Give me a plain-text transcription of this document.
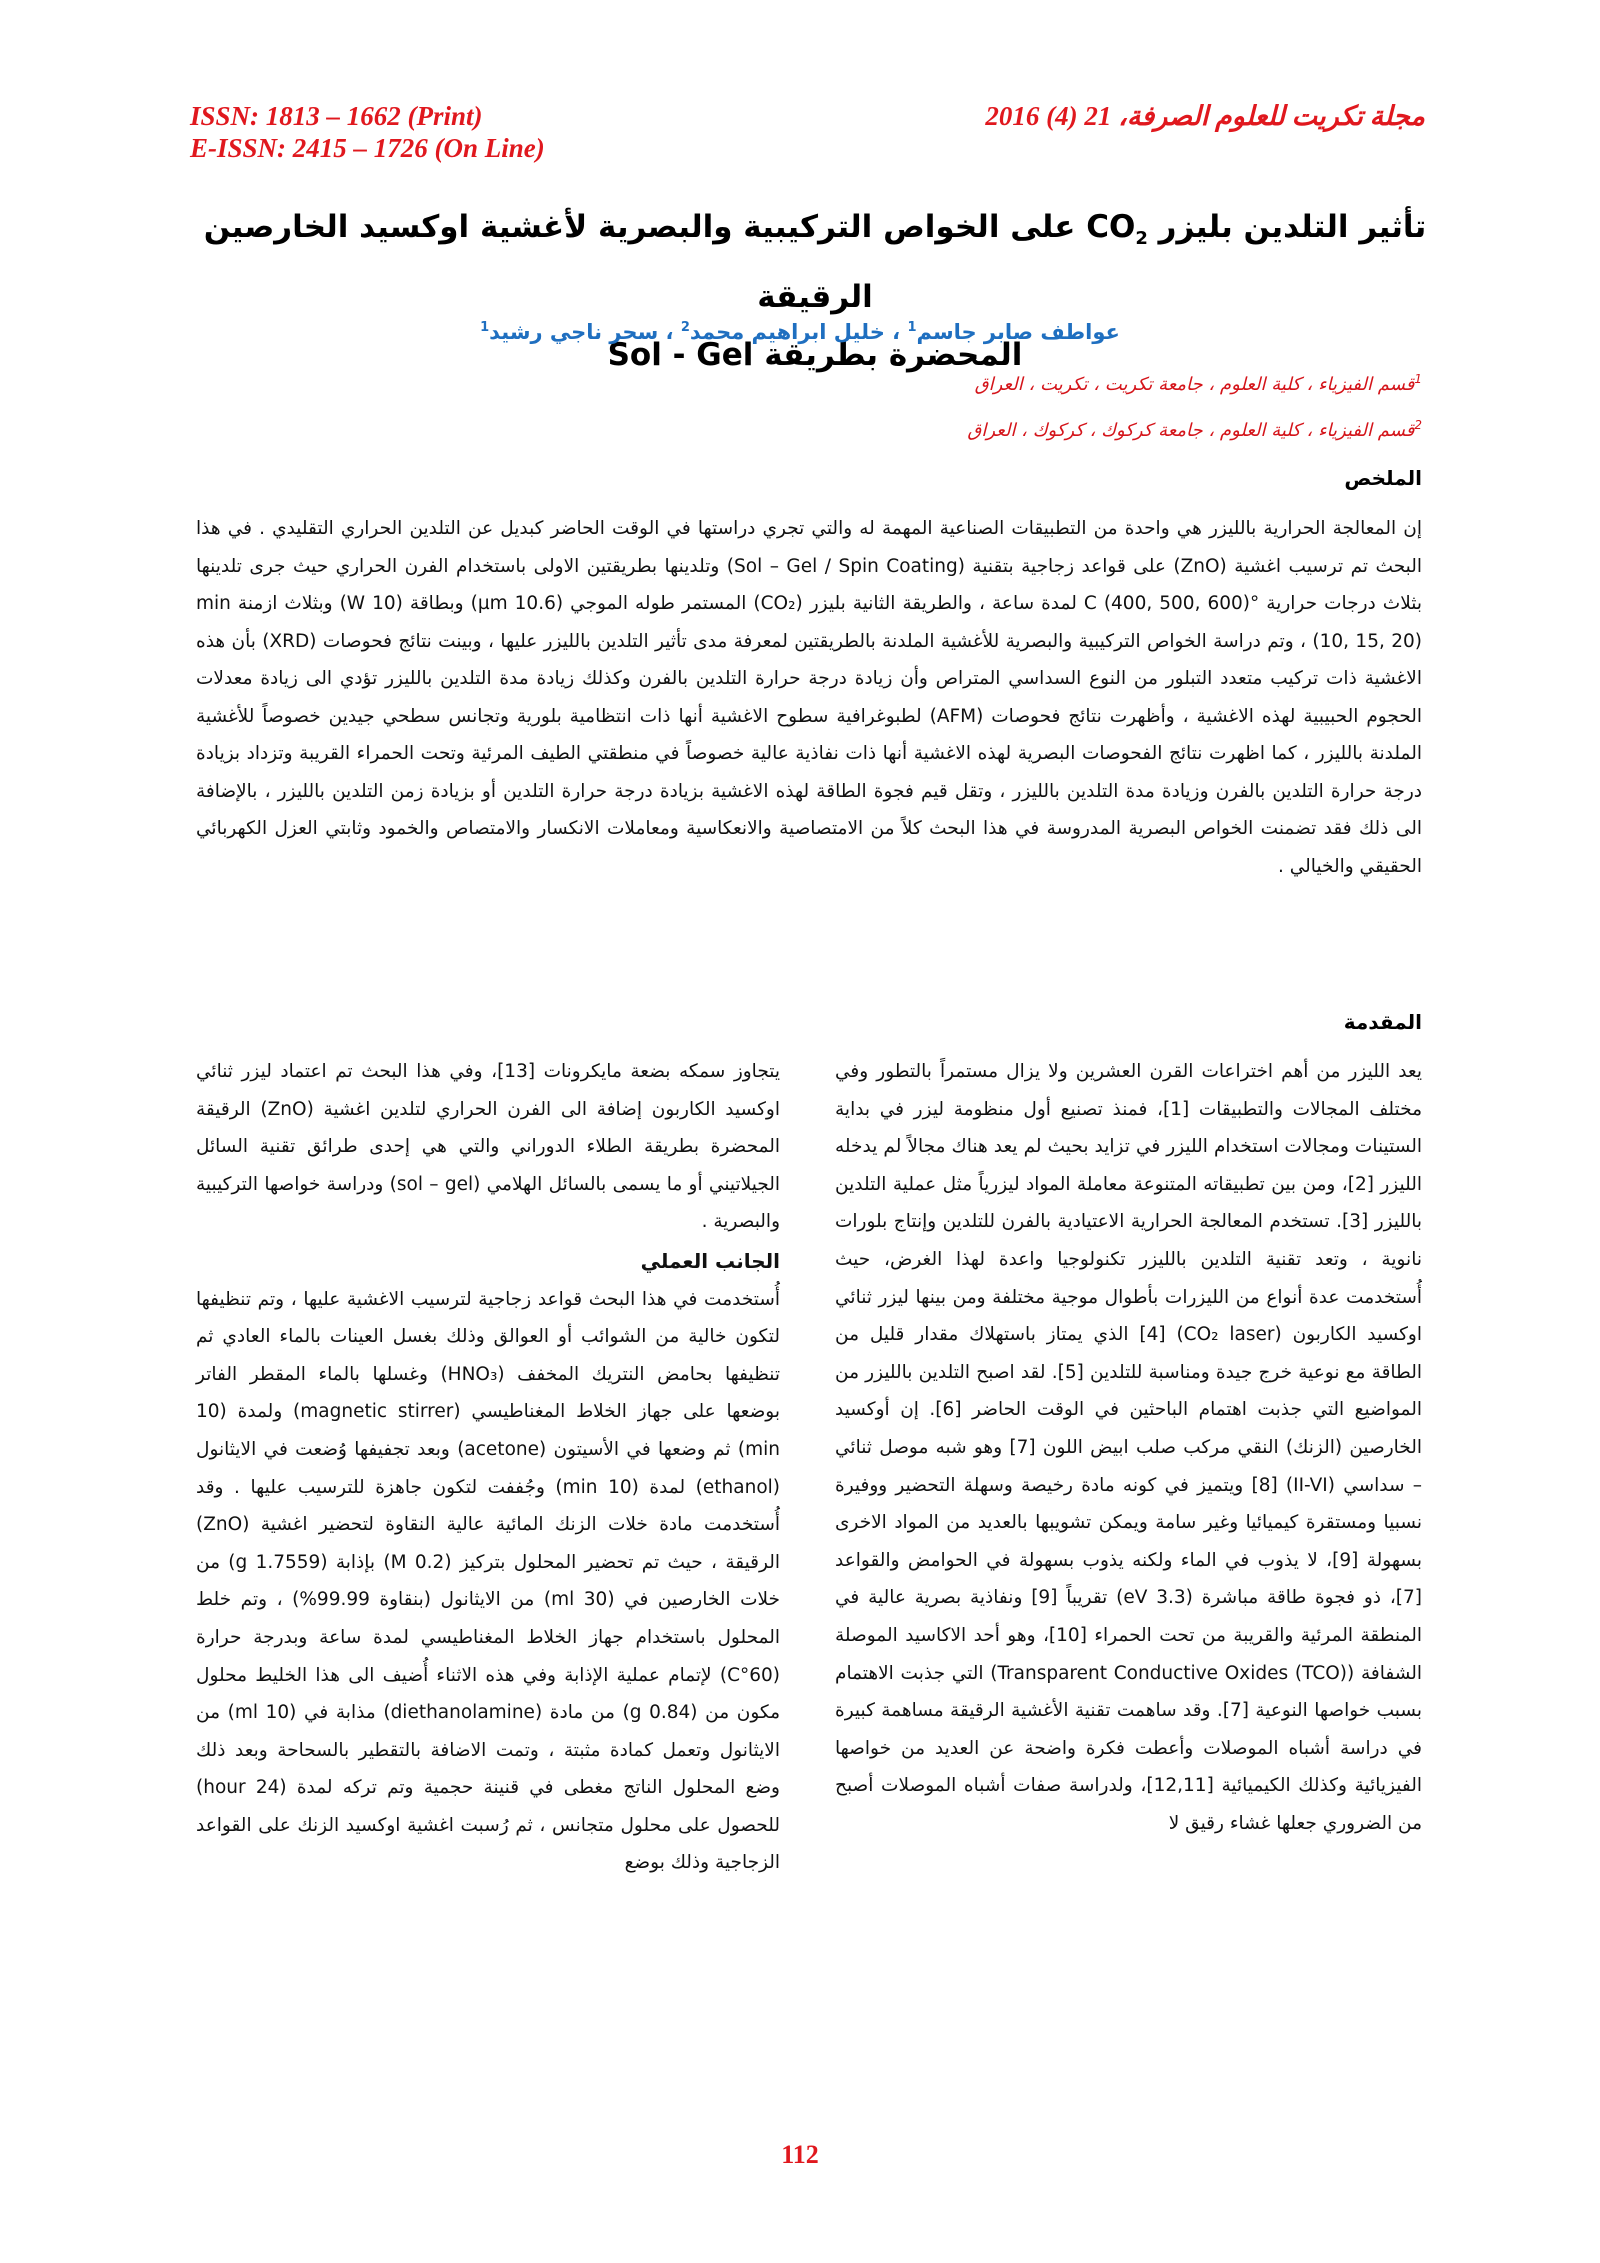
ISSN: 1813 – 1662 (Print)
E-ISSN: 2415 – 1726 (On Line)
مجلة تكريت للعلوم الصرفة، 21 (4) 2016
تأثير التلدين بليزر $CO_2$ على الخواص التركيبية والبصرية لأغشية اوكسيد الخارصين الرقيقة
المحضرة بطريقة Sol - Gel
عواطف صابر جاسم$^1$ ، خليل ابراهيم محمد$^2$ ، سحر ناجي رشيد$^1$
$^1$قسم الفيزياء ، كلية العلوم ، جامعة تكريت ، تكريت ، العراق
$^2$قسم الفيزياء ، كلية العلوم ، جامعة كركوك ، كركوك ، العراق
الملخص
إن المعالجة الحرارية بالليزر هي واحدة من التطبيقات الصناعية المهمة له والتي تجري دراستها في الوقت الحاضر كبديل عن التلدين الحراري التقليدي . في هذا البحث تم ترسيب اغشية (ZnO) على قواعد زجاجية بتقنية (Sol – Gel / Spin Coating) وتلدينها بطريقتين الاولى باستخدام الفرن الحراري حيث جرى تلدينها بثلاث درجات حرارية °C (400, 500, 600) لمدة ساعة ، والطريقة الثانية بليزر (CO₂) المستمر طوله الموجي (10.6 µm) وبطاقة (10 W) وبثلاث ازمنة min (10, 15, 20) ، وتم دراسة الخواص التركيبية والبصرية للأغشية الملدنة بالطريقتين لمعرفة مدى تأثير التلدين بالليزر عليها ، وبينت نتائج فحوصات (XRD) بأن هذه الاغشية ذات تركيب متعدد التبلور من النوع السداسي المتراص وأن زيادة درجة حرارة التلدين بالفرن وكذلك زيادة مدة التلدين بالليزر تؤدي الى زيادة معدلات الحجوم الحبيبية لهذه الاغشية ، وأظهرت نتائج فحوصات (AFM) لطبوغرافية سطوح الاغشية أنها ذات انتظامية بلورية وتجانس سطحي جيدين خصوصاً للأغشية الملدنة بالليزر ، كما اظهرت نتائج الفحوصات البصرية لهذه الاغشية أنها ذات نفاذية عالية خصوصاً في منطقتي الطيف المرئية وتحت الحمراء القريبة وتزداد بزيادة درجة حرارة التلدين بالفرن وزيادة مدة التلدين بالليزر ، وتقل قيم فجوة الطاقة لهذه الاغشية بزيادة درجة حرارة التلدين أو بزيادة زمن التلدين بالليزر ، بالإضافة الى ذلك فقد تضمنت الخواص البصرية المدروسة في هذا البحث كلاً من الامتصاصية والانعكاسية ومعاملات الانكسار والامتصاص والخمود وثابتي العزل الكهربائي الحقيقي والخيالي .
المقدمة
يعد الليزر من أهم اختراعات القرن العشرين ولا يزال مستمراً بالتطور وفي مختلف المجالات والتطبيقات [1]، فمنذ تصنيع أول منظومة ليزر في بداية الستينات ومجالات استخدام الليزر في تزايد بحيث لم يعد هناك مجالاً لم يدخله الليزر [2]، ومن بين تطبيقاته المتنوعة معاملة المواد ليزرياً مثل عملية التلدين بالليزر [3]. تستخدم المعالجة الحرارية الاعتيادية بالفرن للتلدين وإنتاج بلورات نانوية ، وتعد تقنية التلدين بالليزر تكنولوجيا واعدة لهذا الغرض، حيث أُستخدمت عدة أنواع من الليزرات بأطوال موجية مختلفة ومن بينها ليزر ثنائي اوكسيد الكاربون (CO₂ laser) [4] الذي يمتاز باستهلاك مقدار قليل من الطاقة مع نوعية خرج جيدة ومناسبة للتلدين [5]. لقد اصبح التلدين بالليزر من المواضيع التي جذبت اهتمام الباحثين في الوقت الحاضر [6]. إن أوكسيد الخارصين (الزنك) النقي مركب صلب ابيض اللون [7] وهو شبه موصل ثنائي – سداسي (II-VI) [8] ويتميز في كونه مادة رخيصة وسهلة التحضير ووفيرة نسبيا ومستقرة كيميائيا وغير سامة ويمكن تشويبها بالعديد من المواد الاخرى بسهولة [9]، لا يذوب في الماء ولكنه يذوب بسهولة في الحوامض والقواعد [7]، ذو فجوة طاقة مباشرة (3.3 eV) تقريباً [9] ونفاذية بصرية عالية في المنطقة المرئية والقريبة من تحت الحمراء [10]، وهو أحد الاكاسيد الموصلة الشفافة (Transparent Conductive Oxides (TCO)) التي جذبت الاهتمام بسبب خواصها النوعية [7]. وقد ساهمت تقنية الأغشية الرقيقة مساهمة كبيرة في دراسة أشباه الموصلات وأعطت فكرة واضحة عن العديد من خواصها الفيزيائية وكذلك الكيميائية [12,11]، ولدراسة صفات أشباه الموصلات أصبح من الضروري جعلها غشاء رقيق لا

يتجاوز سمكه بضعة مايكرونات [13]، وفي هذا البحث تم اعتماد ليزر ثنائي اوكسيد الكاربون إضافة الى الفرن الحراري لتلدين اغشية (ZnO) الرقيقة المحضرة بطريقة الطلاء الدوراني والتي هي إحدى طرائق تقنية السائل الجيلاتيني أو ما يسمى بالسائل الهلامي (sol – gel) ودراسة خواصها التركيبية والبصرية .

الجانب العملي

أُستخدمت في هذا البحث قواعد زجاجية لترسيب الاغشية عليها ، وتم تنظيفها لتكون خالية من الشوائب أو العوالق وذلك بغسل العينات بالماء العادي ثم تنظيفها بحامض النتريك المخفف (HNO₃) وغسلها بالماء المقطر الفاتر بوضعها على جهاز الخلاط المغناطيسي (magnetic stirrer) ولمدة (10 min) ثم وضعها في الأسيتون (acetone) وبعد تجفيفها وُضعت في الايثانول (ethanol) لمدة (10 min) وجُففت لتكون جاهزة للترسيب عليها . وقد أُستخدمت مادة خلات الزنك المائية عالية النقاوة لتحضير اغشية (ZnO) الرقيقة ، حيث تم تحضير المحلول بتركيز (0.2 M) بإذابة (1.7559 g) من خلات الخارصين في (30 ml) من الايثانول (بنقاوة 99.99%) ، وتم خلط المحلول باستخدام جهاز الخلاط المغناطيسي لمدة ساعة وبدرجة حرارة (60°C) لإتمام عملية الإذابة وفي هذه الاثناء أُضيف الى هذا الخليط محلول مكون من (0.84 g) من مادة (diethanolamine) مذابة في (10 ml) من الايثانول وتعمل كمادة مثبتة ، وتمت الاضافة بالتقطير بالسحاحة وبعد ذلك وضع المحلول الناتج مغطى في قنينة حجمية وتم تركه لمدة (24 hour) للحصول على محلول متجانس ، ثم رُسبت اغشية اوكسيد الزنك على القواعد الزجاجية وذلك بوضع

112
